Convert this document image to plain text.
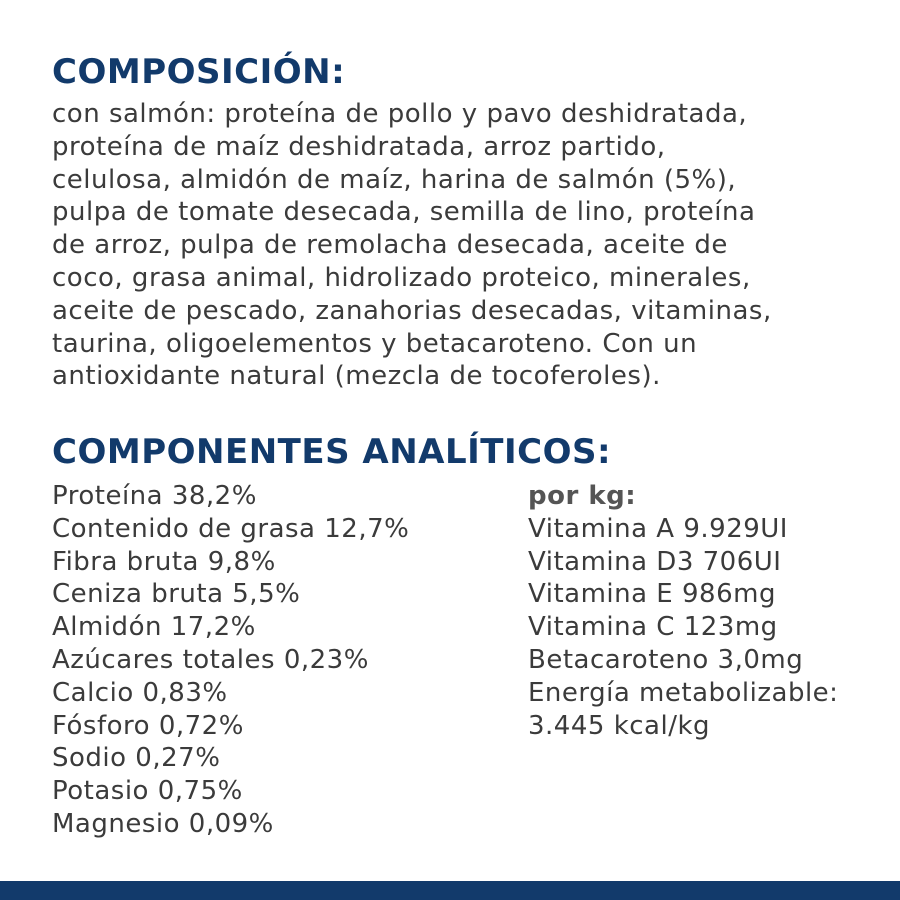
COMPOSICIÓN:

con salmón: proteína de pollo y pavo deshidratada,
proteína de maíz deshidratada, arroz partido,
celulosa, almidón de maíz, harina de salmón (5%),
pulpa de tomate desecada, semilla de lino, proteína
de arroz, pulpa de remolacha desecada, aceite de
coco, grasa animal, hidrolizado proteico, minerales,
aceite de pescado, zanahorias desecadas, vitaminas,
taurina, oligoelementos y betacaroteno. Con un
antioxidante natural (mezcla de tocoferoles).

COMPONENTES ANALÍTICOS:
Proteína 38,2%
Contenido de grasa 12,7%
Fibra bruta 9,8%
Ceniza bruta 5,5%
Almidón 17,2%
Azúcares totales 0,23%
Calcio 0,83%
Fósforo 0,72%
Sodio 0,27%
Potasio 0,75%
Magnesio 0,09%
por kg:
Vitamina A 9.929UI
Vitamina D3 706UI
Vitamina E 986mg
Vitamina C 123mg
Betacaroteno 3,0mg
Energía metabolizable:
3.445 kcal/kg
